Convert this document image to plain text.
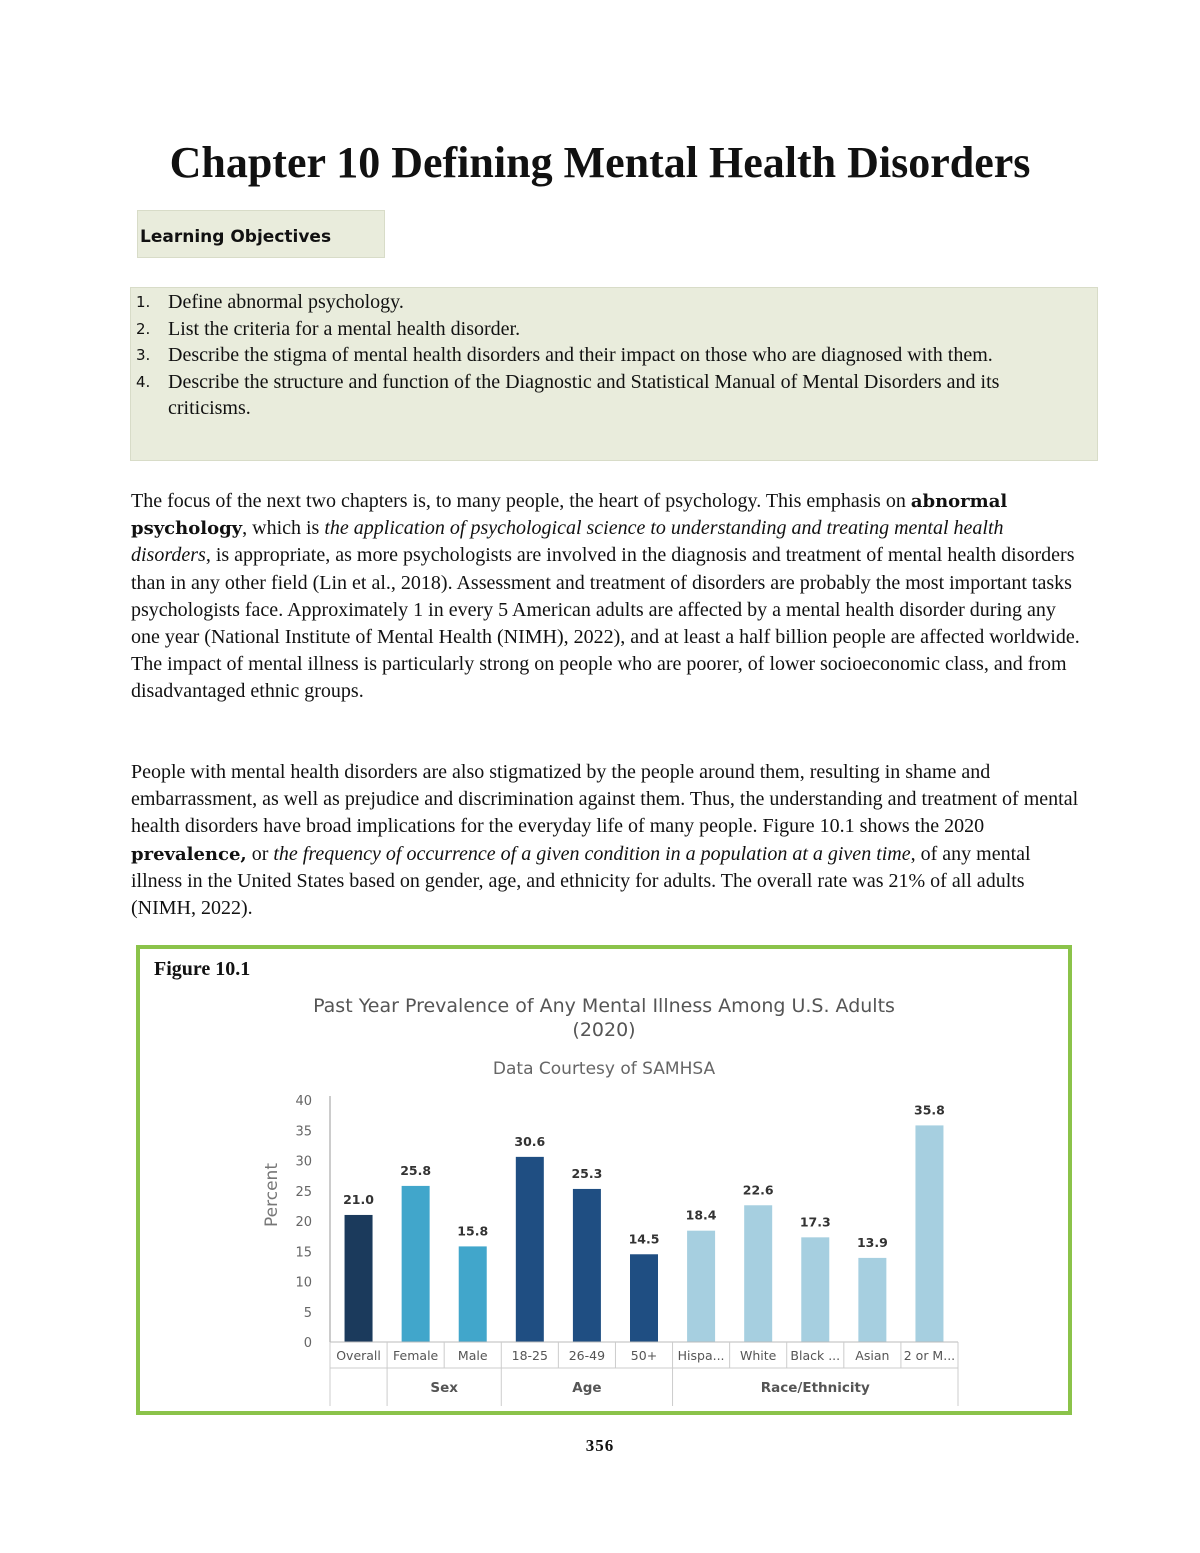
Chapter 10 Defining Mental Health Disorders
Learning Objectives
1. Define abnormal psychology.
2. List the criteria for a mental health disorder.
3. Describe the stigma of mental health disorders and their impact on those who are diagnosed with them.
4. Describe the structure and function of the Diagnostic and Statistical Manual of Mental Disorders and its criticisms.

The focus of the next two chapters is, to many people, the heart of psychology. This emphasis on abnormal psychology, which is the application of psychological science to understanding and treating mental health disorders, is appropriate, as more psychologists are involved in the diagnosis and treatment of mental health disorders than in any other field (Lin et al., 2018). Assessment and treatment of disorders are probably the most important tasks psychologists face. Approximately 1 in every 5 American adults are affected by a mental health disorder during any one year (National Institute of Mental Health (NIMH), 2022), and at least a half billion people are affected worldwide. The impact of mental illness is particularly strong on people who are poorer, of lower socioeconomic class, and from disadvantaged ethnic groups.

People with mental health disorders are also stigmatized by the people around them, resulting in shame and embarrassment, as well as prejudice and discrimination against them. Thus, the understanding and treatment of mental health disorders have broad implications for the everyday life of many people. Figure 10.1 shows the 2020 prevalence, or the frequency of occurrence of a given condition in a population at a given time, of any mental illness in the United States based on gender, age, and ethnicity for adults. The overall rate was 21% of all adults (NIMH, 2022).

Figure 10.1
Past Year Prevalence of Any Mental Illness Among U.S. Adults
(2020)
Data Courtesy of SAMHSA
Percent
0
5
10
15
20
25
30
35
40
21.0
25.8
15.8
30.6
25.3
14.5
18.4
22.6
17.3
13.9
35.8
Overall Female Male 18-25 26-49 50+ Hispa... White Black ... Asian 2 or M...
Sex	Age	Race/Ethnicity
356
